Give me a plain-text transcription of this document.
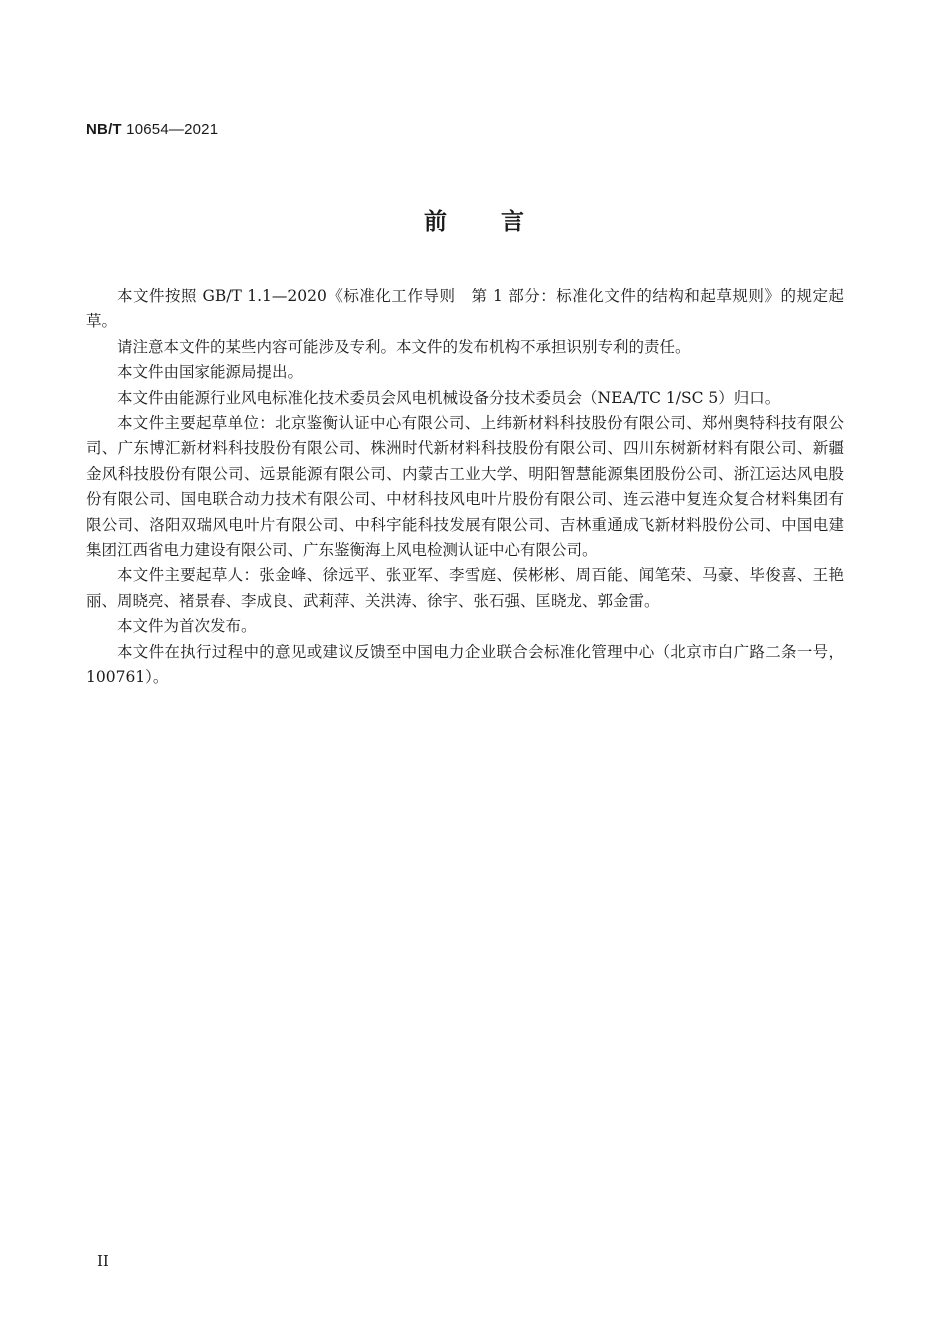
NB/T 10654—2021
前 言

本文件按照 GB/T 1.1—2020《标准化工作导则　第 1 部分：标准化文件的结构和起草规则》的规定起草。

请注意本文件的某些内容可能涉及专利。本文件的发布机构不承担识别专利的责任。

本文件由国家能源局提出。

本文件由能源行业风电标准化技术委员会风电机械设备分技术委员会（NEA/TC 1/SC 5）归口。

本文件主要起草单位：北京鉴衡认证中心有限公司、上纬新材料科技股份有限公司、郑州奥特科技有限公司、广东博汇新材料科技股份有限公司、株洲时代新材料科技股份有限公司、四川东树新材料有限公司、新疆金风科技股份有限公司、远景能源有限公司、内蒙古工业大学、明阳智慧能源集团股份公司、浙江运达风电股份有限公司、国电联合动力技术有限公司、中材科技风电叶片股份有限公司、连云港中复连众复合材料集团有限公司、洛阳双瑞风电叶片有限公司、中科宇能科技发展有限公司、吉林重通成飞新材料股份公司、中国电建集团江西省电力建设有限公司、广东鉴衡海上风电检测认证中心有限公司。

本文件主要起草人：张金峰、徐远平、张亚军、李雪庭、侯彬彬、周百能、闻笔荣、马豪、毕俊喜、王艳丽、周晓亮、褚景春、李成良、武莉萍、关洪涛、徐宇、张石强、匡晓龙、郭金雷。

本文件为首次发布。

本文件在执行过程中的意见或建议反馈至中国电力企业联合会标准化管理中心（北京市白广路二条一号，100761）。

II
